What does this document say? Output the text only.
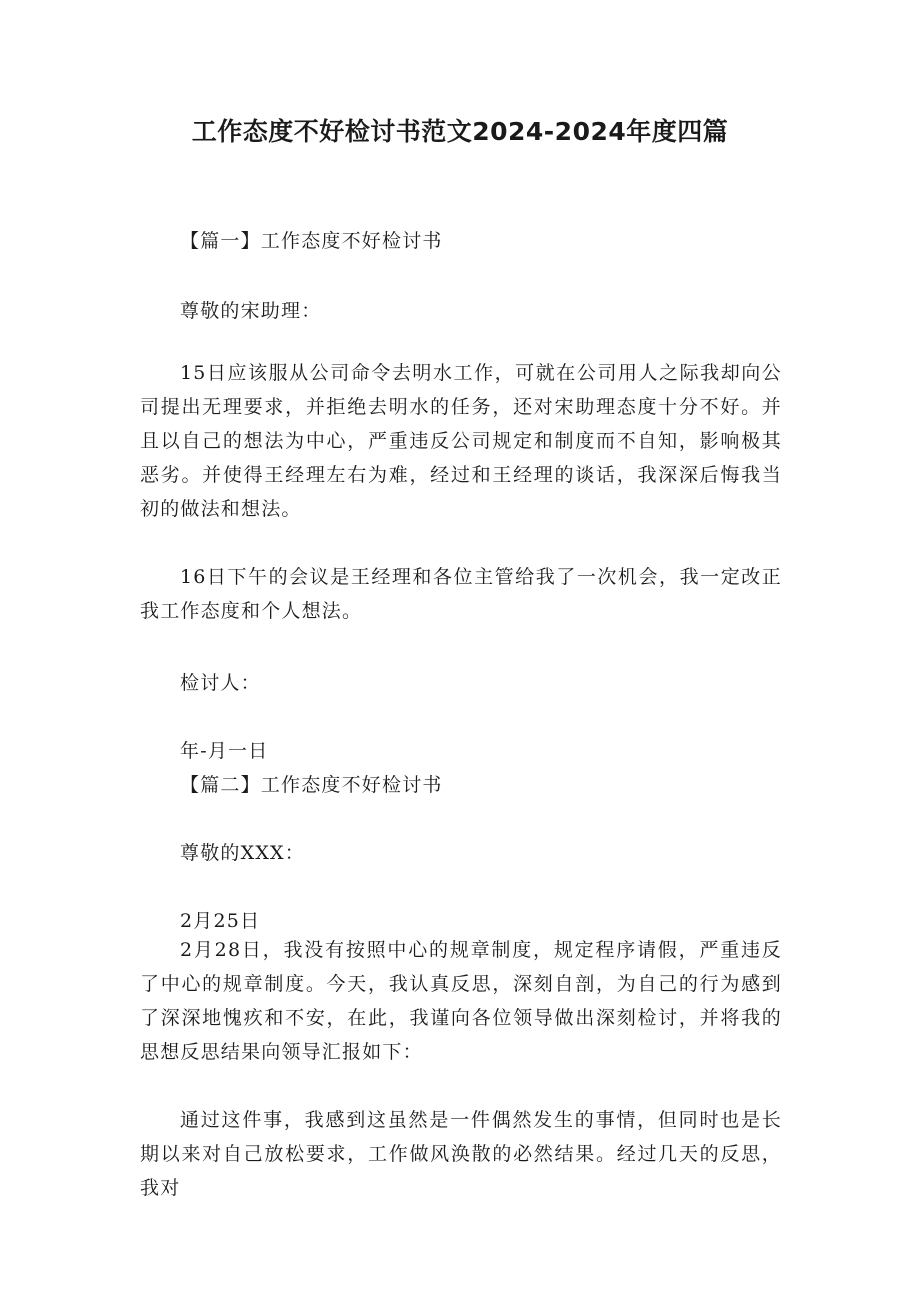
工作态度不好检讨书范文2024-2024年度四篇
【篇一】工作态度不好检讨书
尊敬的宋助理：
15日应该服从公司命令去明水工作，可就在公司用人之际我却向公司提出无理要求，并拒绝去明水的任务，还对宋助理态度十分不好。并且以自己的想法为中心，严重违反公司规定和制度而不自知，影响极其恶劣。并使得王经理左右为难，经过和王经理的谈话，我深深后悔我当初的做法和想法。
16日下午的会议是王经理和各位主管给我了一次机会，我一定改正我工作态度和个人想法。
检讨人：
年-月一日
【篇二】工作态度不好检讨书
尊敬的XXX：
2月25日
2月28日，我没有按照中心的规章制度，规定程序请假，严重违反了中心的规章制度。今天，我认真反思，深刻自剖，为自己的行为感到了深深地愧疚和不安，在此，我谨向各位领导做出深刻检讨，并将我的思想反思结果向领导汇报如下：
通过这件事，我感到这虽然是一件偶然发生的事情，但同时也是长期以来对自己放松要求，工作做风涣散的必然结果。经过几天的反思，我对
